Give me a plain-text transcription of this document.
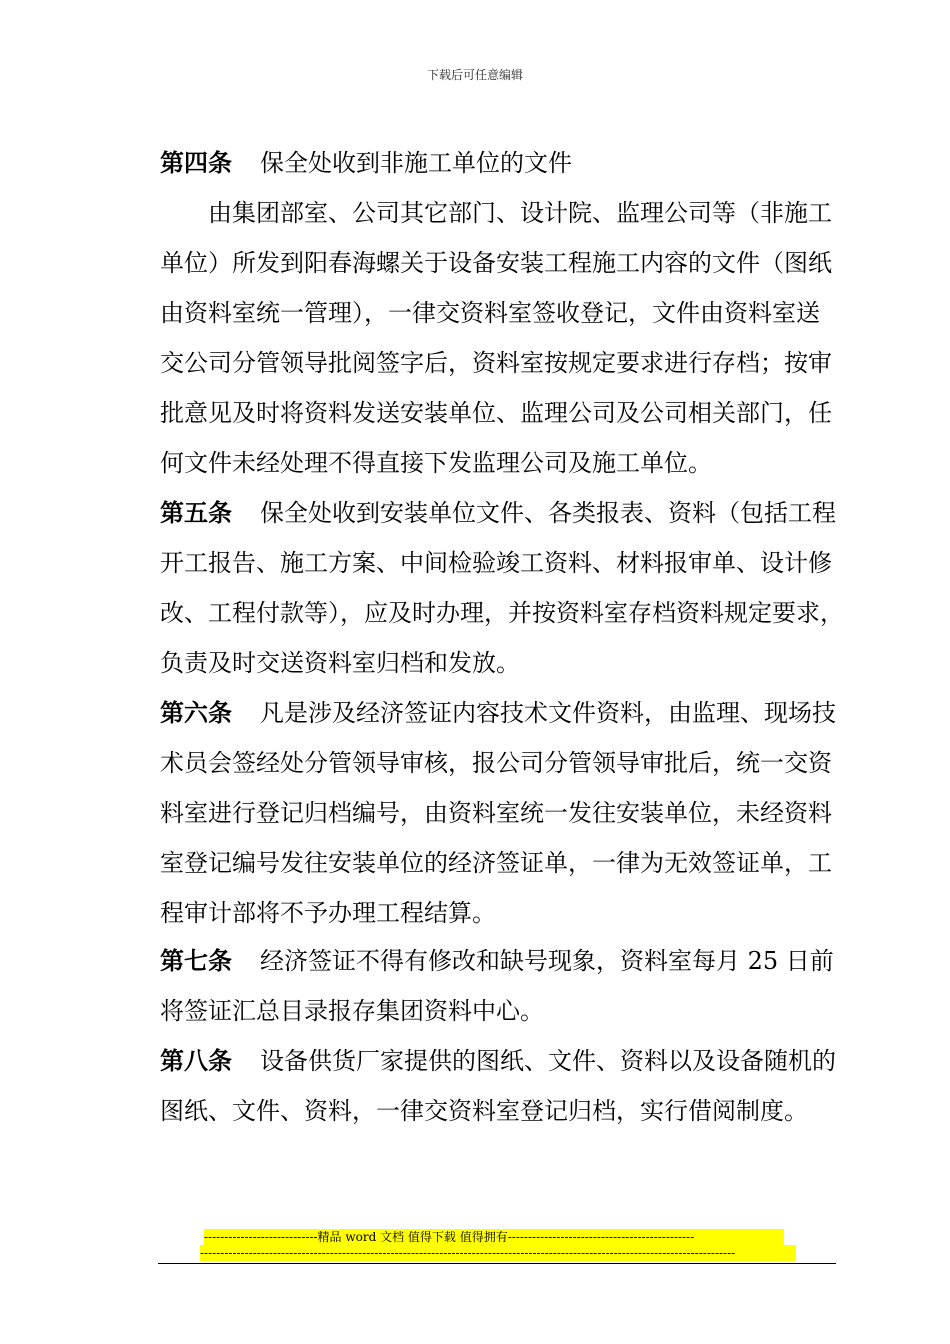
下载后可任意编辑
第四条 保全处收到非施工单位的文件
由集团部室、公司其它部门、设计院、监理公司等（非施工
单位）所发到阳春海螺关于设备安装工程施工内容的文件（图纸
由资料室统一管理），一律交资料室签收登记，文件由资料室送
交公司分管领导批阅签字后，资料室按规定要求进行存档；按审
批意见及时将资料发送安装单位、监理公司及公司相关部门，任
何文件未经处理不得直接下发监理公司及施工单位。
第五条 保全处收到安装单位文件、各类报表、资料（包括工程
开工报告、施工方案、中间检验竣工资料、材料报审单、设计修
改、工程付款等），应及时办理，并按资料室存档资料规定要求，
负责及时交送资料室归档和发放。
第六条 凡是涉及经济签证内容技术文件资料，由监理、现场技
术员会签经处分管领导审核，报公司分管领导审批后，统一交资
料室进行登记归档编号，由资料室统一发往安装单位，未经资料
室登记编号发往安装单位的经济签证单，一律为无效签证单，工
程审计部将不予办理工程结算。
第七条 经济签证不得有修改和缺号现象，资料室每月 25 日前
将签证汇总目录报存集团资料中心。
第八条 设备供货厂家提供的图纸、文件、资料以及设备随机的
图纸、文件、资料，一律交资料室登记归档，实行借阅制度。
----------------------------精品 word 文档 值得下载 值得拥有----------------------------------------------
------------------------------------------------------------------------------------------------------------------------------------
